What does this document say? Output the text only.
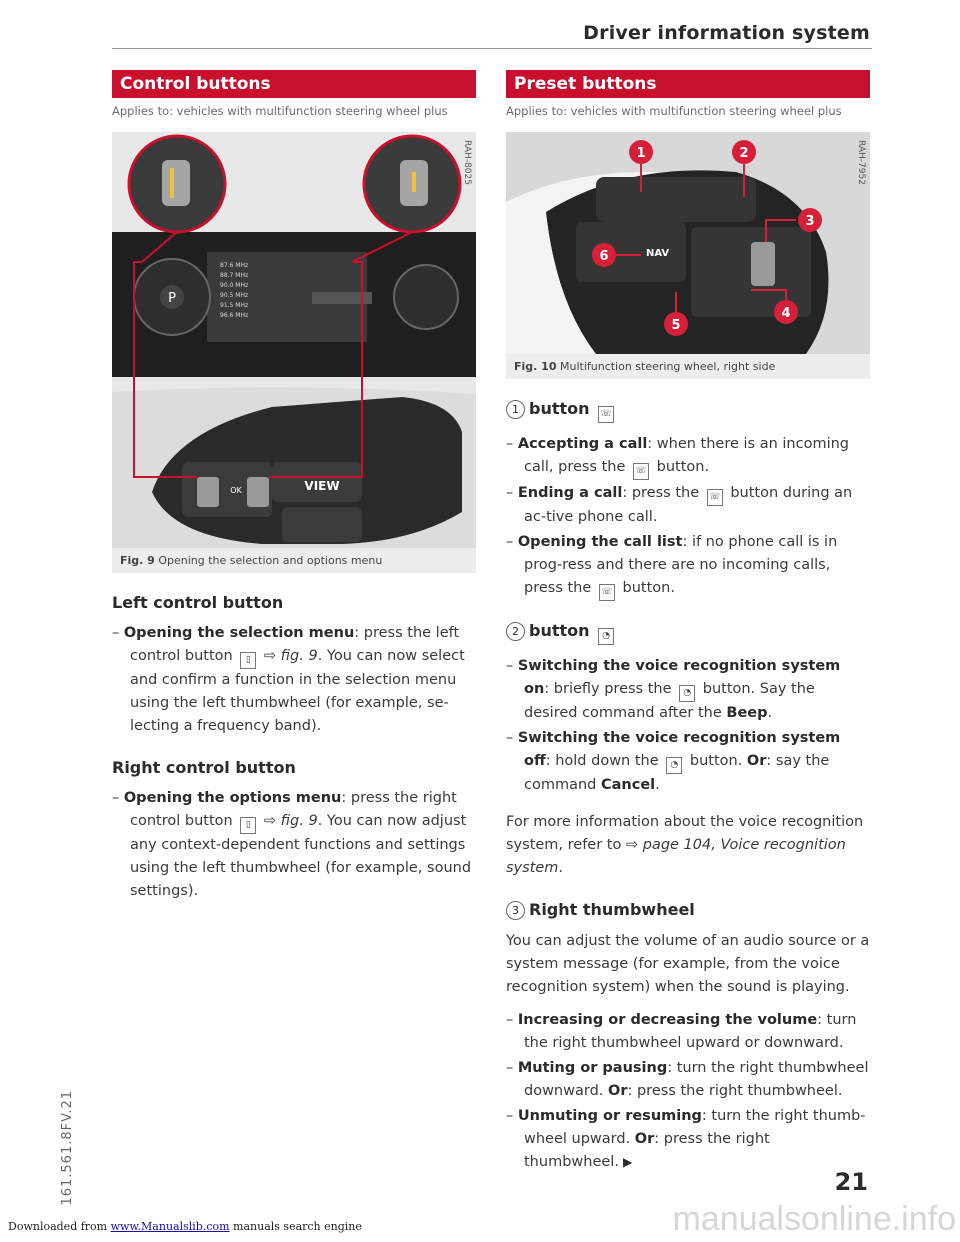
Driver information system
Control buttons
Applies to: vehicles with multifunction steering wheel plus
P
VIEW
OK
87.6 MHz
88.7 MHz
90.0 MHz
90.5 MHz
91.5 MHz
96.6 MHz
RAH-8025
Fig. 9 Opening the selection and options menu
Left control button
– Opening the selection menu: press the left control button ▯ ⇨ fig. 9. You can now select and confirm a function in the selection menu using the left thumbwheel (for example, se-lecting a frequency band).
Right control button
– Opening the options menu: press the right control button ▯ ⇨ fig. 9. You can now adjust any context-dependent functions and settings using the left thumbwheel (for example, sound settings).
Preset buttons
Applies to: vehicles with multifunction steering wheel plus
NAV
1	2
3
4
5
6
RAH-7952
Fig. 10 Multifunction steering wheel, right side
1 button ☏
– Accepting a call: when there is an incoming call, press the ☏ button.
– Ending a call: press the ☏ button during an ac-tive phone call.
– Opening the call list: if no phone call is in prog-ress and there are no incoming calls, press the ☏ button.
2 button ◔
– Switching the voice recognition system on: briefly press the ◔ button. Say the desired command after the Beep.
– Switching the voice recognition system off: hold down the ◔ button. Or: say the command Cancel.
For more information about the voice recognition system, refer to ⇨ page 104, Voice recognition system.
3 Right thumbwheel
You can adjust the volume of an audio source or a system message (for example, from the voice recognition system) when the sound is playing.
– Increasing or decreasing the volume: turn the right thumbwheel upward or downward.
– Muting or pausing: turn the right thumbwheel downward. Or: press the right thumbwheel.
– Unmuting or resuming: turn the right thumb-wheel upward. Or: press the right thumbwheel. ▶
161.561.8FV.21
manualsonline.info
21
Downloaded from www.Manualslib.com manuals search engine
